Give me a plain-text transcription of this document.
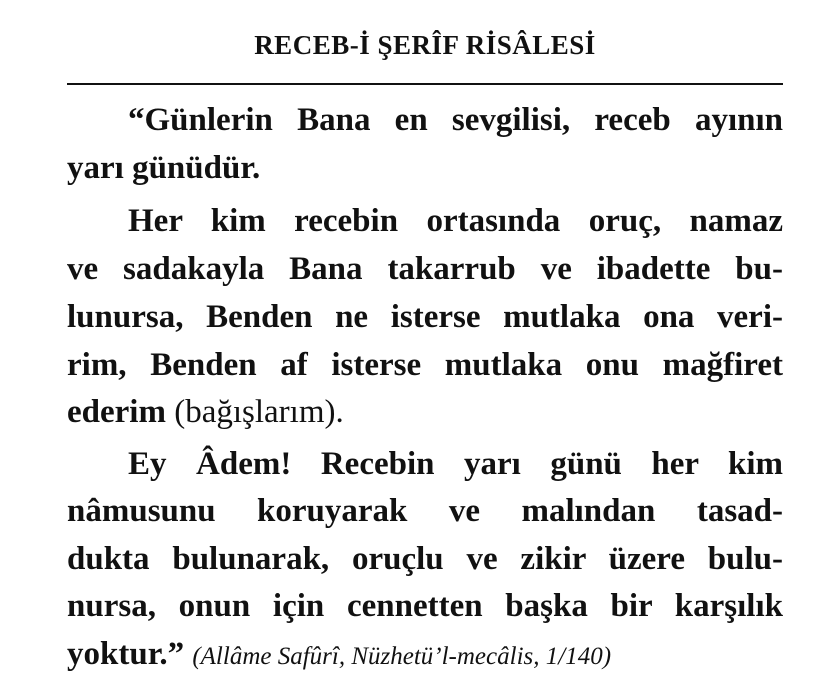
RECEB-İ ŞERÎF RİSÂLESİ
“Günlerin Bana en sevgilisi, receb ayının
yarı günüdür.
Her kim recebin ortasında oruç, namaz
ve sadakayla Bana takarrub ve ibadette bu-
lunursa, Benden ne isterse mutlaka ona veri-
rim, Benden af isterse mutlaka onu mağfiret
ederim (bağışlarım).
Ey Âdem! Recebin yarı günü her kim
nâmusunu koruyarak ve malından tasad-
dukta bulunarak, oruçlu ve zikir üzere bulu-
nursa, onun için cennetten başka bir karşılık
yoktur.” (Allâme Safûrî, Nüzhetü’l-mecâlis, 1/140)
